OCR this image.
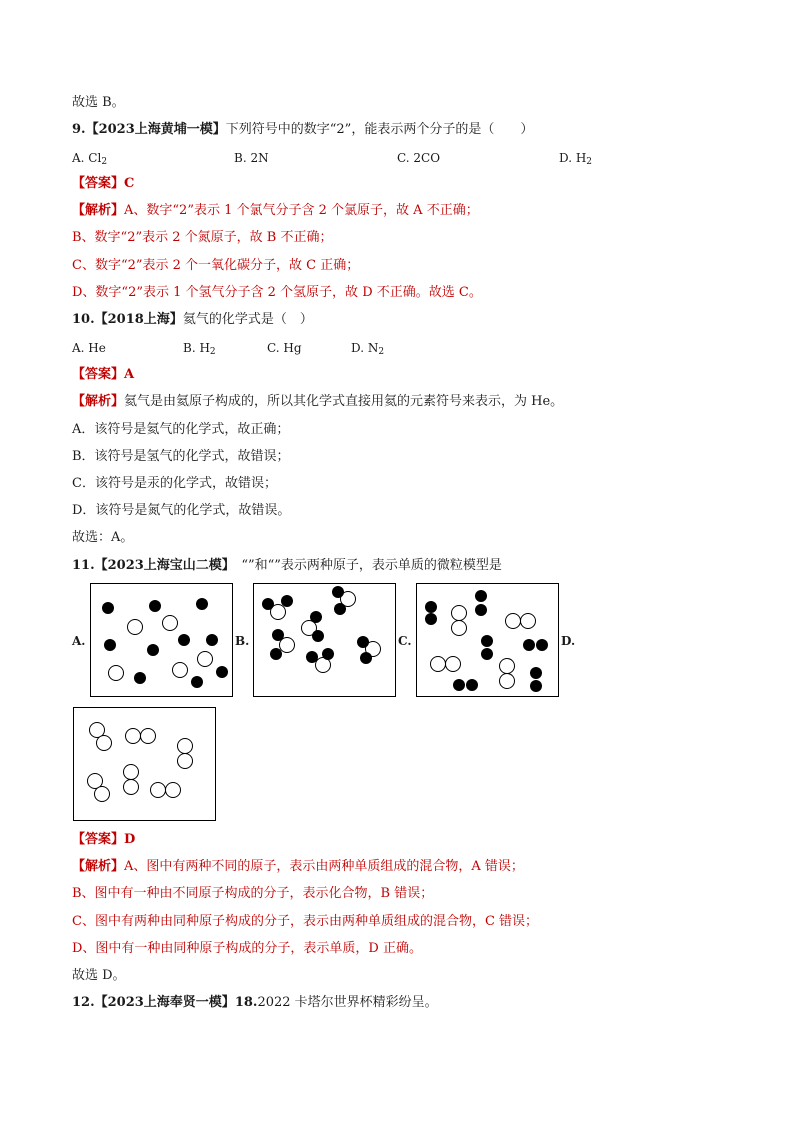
故选 B。
9.【2023上海黄埔一模】下列符号中的数字“2”，能表示两个分子的是（　　）
A. $Cl_2$	B. 2N	C. 2CO	D. $H_2$
【答案】C
【解析】A、数字“2”表示 1 个氯气分子含 2 个氯原子，故 A 不正确；
B、数字“2”表示 2 个氮原子，故 B 不正确；
C、数字“2”表示 2 个一氧化碳分子，故 C 正确；
D、数字“2”表示 1 个氢气分子含 2 个氢原子，故 D 不正确。故选 C。
10.【2018上海】氦气的化学式是（　）
A. He	B. $H_2$	C. Hg	D. $N_2$
【答案】A
【解析】氦气是由氦原子构成的，所以其化学式直接用氦的元素符号来表示，为 He。
A．该符号是氦气的化学式，故正确；
B．该符号是氢气的化学式，故错误；
C．该符号是汞的化学式，故错误；
D．该符号是氮气的化学式，故错误。
故选：A。
11.【2023上海宝山二模】　“”和“”表示两种原子，表示单质的微粒模型是
A.	B.	C.	D.
【答案】D
【解析】A、图中有两种不同的原子，表示由两种单质组成的混合物，A 错误；
B、图中有一种由不同原子构成的分子，表示化合物，B 错误；
C、图中有两种由同种原子构成的分子，表示由两种单质组成的混合物，C 错误；
D、图中有一种由同种原子构成的分子，表示单质，D 正确。
故选 D。
12.【2023上海奉贤一模】18.2022 卡塔尔世界杯精彩纷呈。
